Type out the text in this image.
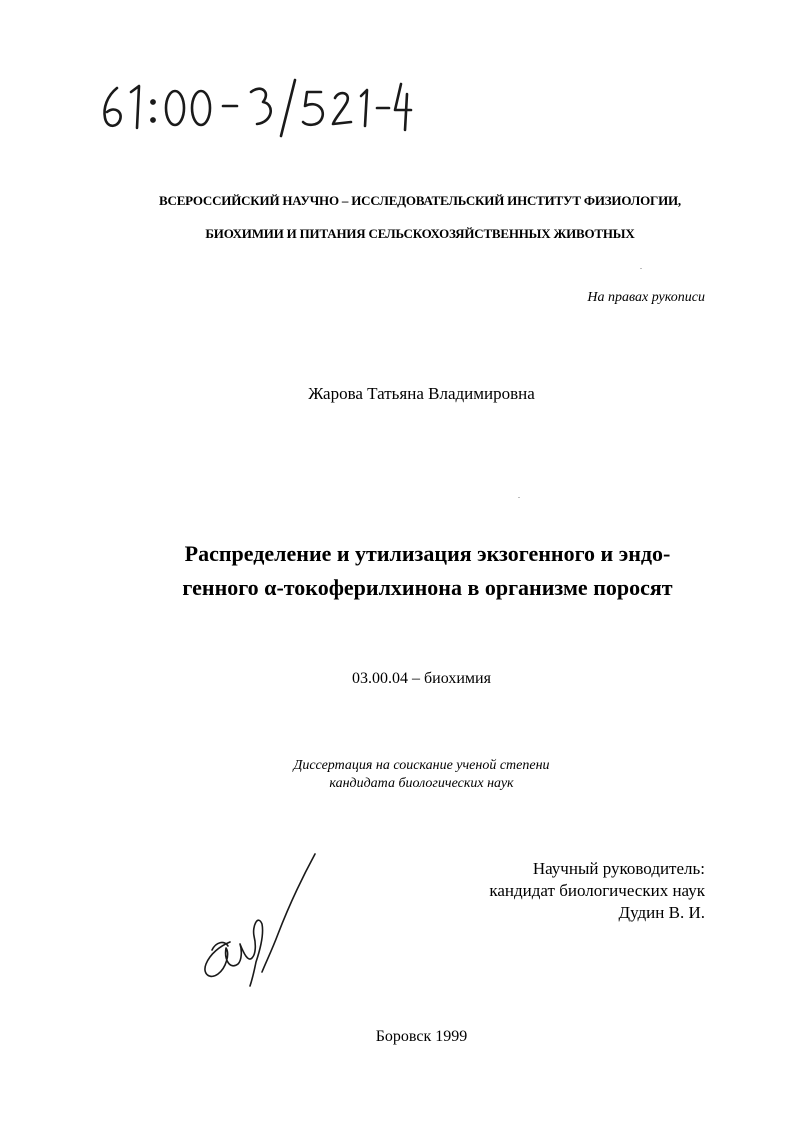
ВСЕРОССИЙСКИЙ НАУЧНО – ИССЛЕДОВАТЕЛЬСКИЙ ИНСТИТУТ ФИЗИОЛОГИИ,
БИОХИМИИ И ПИТАНИЯ СЕЛЬСКОХОЗЯЙСТВЕННЫХ ЖИВОТНЫХ
На правах рукописи
Жарова Татьяна Владимировна
Распределение и утилизация экзогенного и эндо-
генного α-токоферилхинона в организме поросят
03.00.04 – биохимия
Диссертация на соискание ученой степени
кандидата биологических наук
Научный руководитель:
кандидат биологических наук
Дудин В. И.
Боровск 1999
